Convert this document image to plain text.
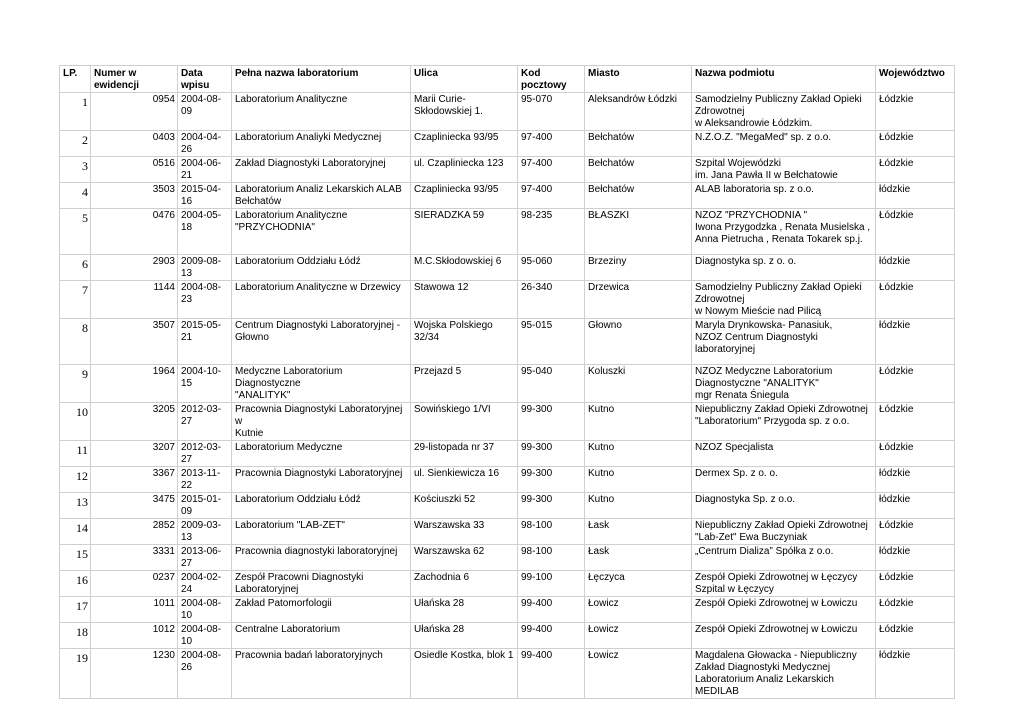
LP.	Numer w
ewidencji	Data
wpisu	Pełna nazwa laboratorium	Ulica	Kod
pocztowy	Miasto	Nazwa podmiotu	Województwo

1	0954	2004-08-09	Laboratorium Analityczne	Marii Curie-
Skłodowskiej 1.	95-070	Aleksandrów Łódzki	Samodzielny Publiczny Zakład Opieki
Zdrowotnej
w Aleksandrowie Łódzkim.	Łódzkie

2	0403	2004-04-26	Laboratorium Analiyki Medycznej	Czapliniecka 93/95	97-400	Bełchatów	N.Z.O.Z. "MegaMed" sp. z o.o.	Łódzkie

3	0516	2004-06-21	Zakład Diagnostyki Laboratoryjnej	ul. Czapliniecka 123	97-400	Bełchatów	Szpital Wojewódzki
im. Jana Pawła II w Bełchatowie	Łódzkie

4	3503	2015-04-16	Laboratorium Analiz Lekarskich ALAB
Bełchatów	Czapliniecka 93/95	97-400	Bełchatów	ALAB laboratoria sp. z o.o.	łódzkie

5	0476	2004-05-18	Laboratorium Analityczne
"PRZYCHODNIA"	SIERADZKA 59	98-235	BŁASZKI	NZOZ "PRZYCHODNIA "
Iwona Przygodzka , Renata Musielska ,
Anna Pietrucha , Renata Tokarek sp.j.	Łódzkie

6	2903	2009-08-13	Laboratorium Oddziału Łódź	M.C.Skłodowskiej 6	95-060	Brzeziny	Diagnostyka sp. z o. o.	łódzkie

7	1144	2004-08-23	Laboratorium Analityczne w Drzewicy	Stawowa 12	26-340	Drzewica	Samodzielny Publiczny Zakład Opieki
Zdrowotnej
w Nowym Mieście nad Pilicą	Łódzkie

8	3507	2015-05-21	Centrum Diagnostyki Laboratoryjnej -
Głowno	Wojska Polskiego 32/34	95-015	Głowno	Maryla Drynkowska- Panasiuk,
NZOZ Centrum Diagnostyki laboratoryjnej	łódzkie

9	1964	2004-10-15	Medyczne Laboratorium Diagnostyczne
"ANALITYK"	Przejazd 5	95-040	Koluszki	NZOZ Medyczne Laboratorium
Diagnostyczne "ANALITYK"
mgr Renata Śniegula	Łódzkie

10	3205	2012-03-27	Pracownia Diagnostyki Laboratoryjnej w
Kutnie	Sowińskiego 1/VI	99-300	Kutno	Niepubliczny Zakład Opieki Zdrowotnej
"Laboratorium" Przygoda sp. z o.o.	Łódzkie

11	3207	2012-03-27	Laboratorium Medyczne	29-listopada nr 37	99-300	Kutno	NZOZ Specjalista	Łódzkie

12	3367	2013-11-22	Pracownia Diagnostyki Laboratoryjnej	ul. Sienkiewicza 16	99-300	Kutno	Dermex Sp. z o. o.	łódzkie

13	3475	2015-01-09	Laboratorium Oddziału Łódź	Kościuszki 52	99-300	Kutno	Diagnostyka Sp. z o.o.	łódzkie

14	2852	2009-03-13	Laboratorium "LAB-ZET"	Warszawska 33	98-100	Łask	Niepubliczny Zakład Opieki Zdrowotnej
"Lab-Zet" Ewa Buczyniak	Łódzkie

15	3331	2013-06-27	Pracownia diagnostyki laboratoryjnej	Warszawska 62	98-100	Łask	„Centrum Dializa” Spółka z o.o.	łódzkie

16	0237	2004-02-24	Zespół Pracowni Diagnostyki
Laboratoryjnej	Zachodnia 6	99-100	Łęczyca	Zespół Opieki Zdrowotnej w Łęczycy
Szpital w Łęczycy	Łódzkie

17	1011	2004-08-10	Zakład Patomorfologii	Ułańska 28	99-400	Łowicz	Zespół Opieki Zdrowotnej w Łowiczu	Łódzkie

18	1012	2004-08-10	Centralne Laboratorium	Ułańska 28	99-400	Łowicz	Zespół Opieki Zdrowotnej w Łowiczu	Łódzkie

19	1230	2004-08-26	Pracownia badań laboratoryjnych	Osiedle Kostka, blok 1	99-400	Łowicz	Magdalena Głowacka - Niepubliczny
Zakład Diagnostyki Medycznej
Laboratorium Analiz Lekarskich MEDILAB	łódzkie
